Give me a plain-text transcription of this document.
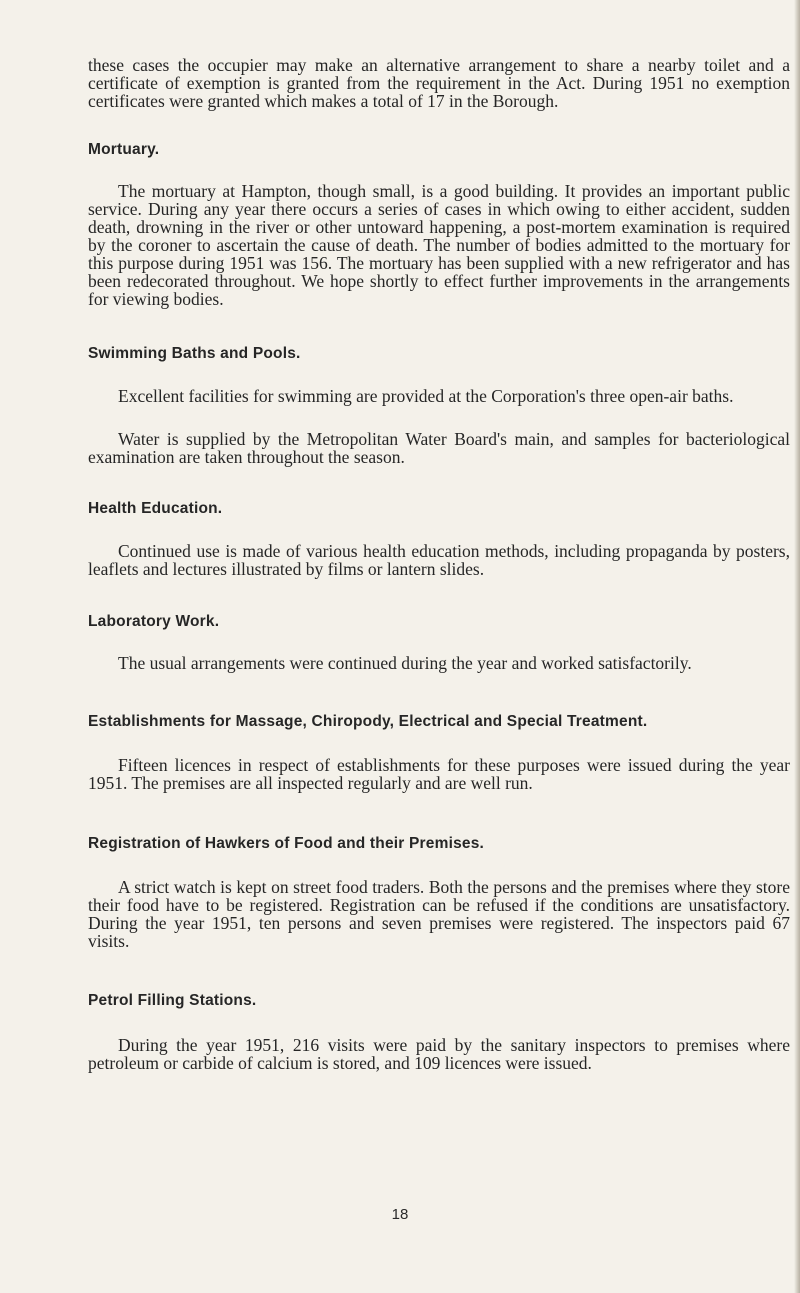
these cases the occupier may make an alternative arrangement to share a nearby toilet and a certificate of exemption is granted from the requirement in the Act. During 1951 no exemption certificates were granted which makes a total of 17 in the Borough.

Mortuary.

The mortuary at Hampton, though small, is a good building. It provides an important public service. During any year there occurs a series of cases in which owing to either accident, sudden death, drowning in the river or other untoward happening, a post-mortem examination is required by the coroner to ascertain the cause of death. The number of bodies admitted to the mortuary for this purpose during 1951 was 156. The mortuary has been supplied with a new refrigerator and has been redecorated throughout. We hope shortly to effect further improvements in the arrangements for viewing bodies.

Swimming Baths and Pools.

Excellent facilities for swimming are provided at the Corporation's three open-air baths.

Water is supplied by the Metropolitan Water Board's main, and samples for bacteriological examination are taken throughout the season.

Health Education.

Continued use is made of various health education methods, including propaganda by posters, leaflets and lectures illustrated by films or lantern slides.

Laboratory Work.

The usual arrangements were continued during the year and worked satisfactorily.

Establishments for Massage, Chiropody, Electrical and Special Treatment.

Fifteen licences in respect of establishments for these purposes were issued during the year 1951. The premises are all inspected regularly and are well run.

Registration of Hawkers of Food and their Premises.

A strict watch is kept on street food traders. Both the persons and the premises where they store their food have to be registered. Registration can be refused if the conditions are unsatisfactory. During the year 1951, ten persons and seven premises were registered. The inspectors paid 67 visits.

Petrol Filling Stations.

During the year 1951, 216 visits were paid by the sanitary inspectors to premises where petroleum or carbide of calcium is stored, and 109 licences were issued.

18
